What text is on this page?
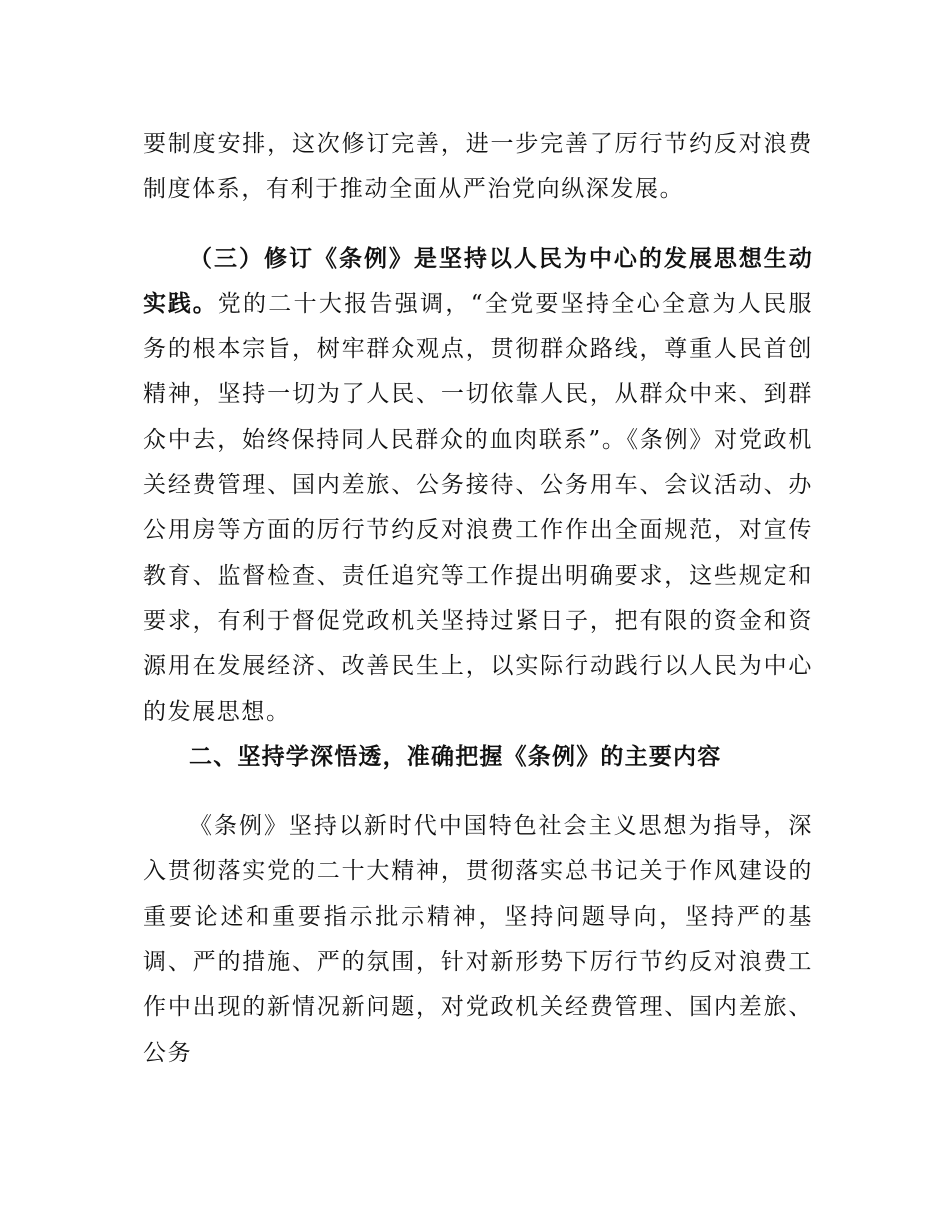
要制度安排，这次修订完善，进一步完善了厉行节约反对浪费制度体系，有利于推动全面从严治党向纵深发展。

（三）修订《条例》是坚持以人民为中心的发展思想生动实践。党的二十大报告强调，“全党要坚持全心全意为人民服务的根本宗旨，树牢群众观点，贯彻群众路线，尊重人民首创精神，坚持一切为了人民、一切依靠人民，从群众中来、到群众中去，始终保持同人民群众的血肉联系”。《条例》对党政机关经费管理、国内差旅、公务接待、公务用车、会议活动、办公用房等方面的厉行节约反对浪费工作作出全面规范，对宣传教育、监督检查、责任追究等工作提出明确要求，这些规定和要求，有利于督促党政机关坚持过紧日子，把有限的资金和资源用在发展经济、改善民生上，以实际行动践行以人民为中心的发展思想。

二、坚持学深悟透，准确把握《条例》的主要内容

《条例》坚持以新时代中国特色社会主义思想为指导，深入贯彻落实党的二十大精神，贯彻落实总书记关于作风建设的重要论述和重要指示批示精神，坚持问题导向，坚持严的基调、严的措施、严的氛围，针对新形势下厉行节约反对浪费工作中出现的新情况新问题，对党政机关经费管理、国内差旅、公务
